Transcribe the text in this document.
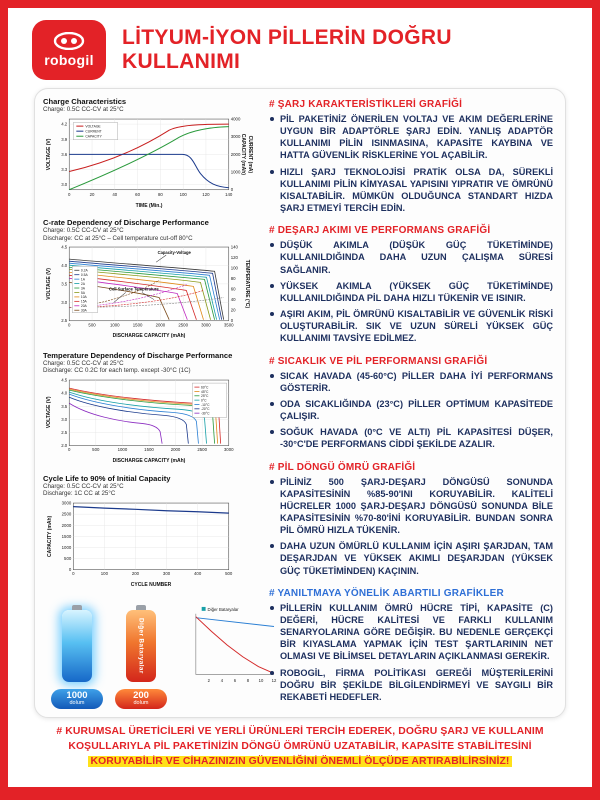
robogil
LİTYUM-İYON PİLLERİN DOĞRU KULLANIMI
Charge Characteristics
Charge: 0.5C CC-CV at 25°C
VOLTAGE
CURRENT
CAPACITY
4.2
3.9
3.6
3.3
3.0
4000
3000
2000
1000
0
0	20	40	60	80	100	120	140
VOLTAGE (V)	CAPACITY (mAh) CURRENT (mA)
TIME (Min.)
C-rate Dependency of Discharge Performance
Charge: 0.5C CC-CV at 25°C
Discharge: CC at 25°C – Cell temperature cut-off 80°C
0.2A
0.5A
1A
2A
3A
5A
10A
15A
20A
30A
Capacity-Voltage
Cell Surface Temperature
4.5
4.0
3.5
3.0
2.5
140
120
100
80
60
40
20
0
0	500	1000	1500	2000	2500	3000	3500
VOLTAGE (V)	TEMPERATURE (°C)
DISCHARGE CAPACITY (mAh)
Temperature Dependency of Discharge Performance
Charge: 0.5C CC-CV at 25°C
Discharge: CC 0.2C for each temp. except -30°C (1C)
60°C
45°C
25°C
0°C
-10°C
-20°C
-30°C
4.5
4.0
3.5
3.0
2.5
2.0
0	500	1000	1500	2000	2500	3000
VOLTAGE (V)
DISCHARGE CAPACITY (mAh)
Cycle Life to 90% of Initial Capacity
Charge: 0.5C CC-CV at 25°C
Discharge: 1C CC at 25°C
3000
2500
2000
1500
1000
500
0
0	100	200	300	400	500
CAPACITY (mAh)
CYCLE NUMBER
1000
dolum
Diğer Bataryalar
200
dolum
Diğer Bataryalar
2	4 6 8 10 12
# ŞARJ KARAKTERİSTİKLERİ GRAFİĞİ
PİL PAKETİNİZ ÖNERİLEN VOLTAJ VE AKIM DEĞERLERİNE UYGUN BİR ADAPTÖRLE ŞARJ EDİN. YANLIŞ ADAPTÖR KULLANIMI PİLİN ISINMASINA, KAPASİTE KAYBINA VE HATTA GÜVENLİK RİSKLERİNE YOL AÇABİLİR.
HIZLI ŞARJ TEKNOLOJİSİ PRATİK OLSA DA, SÜREKLİ KULLANIMI PİLİN KİMYASAL YAPISINI YIPRATIR VE ÖMRÜNÜ KISALTABİLİR. MÜMKÜN OLDUĞUNCA STANDART HIZDA ŞARJ ETMEYİ TERCİH EDİN.
# DEŞARJ AKIMI VE PERFORMANS GRAFİĞİ
DÜŞÜK AKIMLA (DÜŞÜK GÜÇ TÜKETİMİNDE) KULLANILDIĞINDA DAHA UZUN ÇALIŞMA SÜRESİ SAĞLANIR.
YÜKSEK AKIMLA (YÜKSEK GÜÇ TÜKETİMİNDE) KULLANILDIĞINDA PİL DAHA HIZLI TÜKENİR VE ISINIR.
AŞIRI AKIM, PİL ÖMRÜNÜ KISALTABİLİR VE GÜVENLİK RİSKİ OLUŞTURABİLİR. SIK VE UZUN SÜRELİ YÜKSEK GÜÇ KULLANIMI TAVSİYE EDİLMEZ.
# SICAKLIK VE PİL PERFORMANSI GRAFİĞİ
SICAK HAVADA (45-60°C) PİLLER DAHA İYİ PERFORMANS GÖSTERİR.
ODA SICAKLIĞINDA (23°C) PİLLER OPTİMUM KAPASİTEDE ÇALIŞIR.
SOĞUK HAVADA (0°C VE ALTI) PİL KAPASİTESİ DÜŞER, -30°C'DE PERFORMANS CİDDİ ŞEKİLDE AZALIR.
# PİL DÖNGÜ ÖMRÜ GRAFİĞİ
PİLİNİZ 500 ŞARJ-DEŞARJ DÖNGÜSÜ SONUNDA KAPASİTESİNİN %85-90'INI KORUYABİLİR. KALİTELİ HÜCRELER 1000 ŞARJ-DEŞARJ DÖNGÜSÜ SONUNDA BİLE KAPASİTESİNİN %70-80'İNİ KORUYABİLİR. BUNDAN SONRA PİL ÖMRÜ HIZLA TÜKENİR.
DAHA UZUN ÖMÜRLÜ KULLANIM İÇİN AŞIRI ŞARJDAN, TAM DEŞARJDAN VE YÜKSEK AKIMLI DEŞARJDAN (YÜKSEK GÜÇ TÜKETİMİNDEN) KAÇININ.
# YANILTMAYA YÖNELİK ABARTILI GRAFİKLER
PİLLERİN KULLANIM ÖMRÜ HÜCRE TİPİ, KAPASİTE (C) DEĞERİ, HÜCRE KALİTESİ VE FARKLI KULLANIM SENARYOLARINA GÖRE DEĞİŞİR. BU NEDENLE GERÇEKÇİ BİR KIYASLAMA YAPMAK İÇİN TEST ŞARTLARININ NET OLMASI VE BİLİMSEL DETAYLARIN AÇIKLANMASI GEREKİR.
ROBOGİL, FİRMA POLİTİKASI GEREĞİ MÜŞTERİLERİNİ DOĞRU BİR ŞEKİLDE BİLGİLENDİRMEYİ VE SAYGILI BİR REKABETİ HEDEFLER.
# KURUMSAL ÜRETİCİLERİ VE YERLİ ÜRÜNLERİ TERCİH EDEREK, DOĞRU ŞARJ VE KULLANIM
KOŞULLARIYLA PİL PAKETİNİZİN DÖNGÜ ÖMRÜNÜ UZATABİLİR, KAPASİTE STABİLİTESİNİ
KORUYABİLİR VE CİHAZINIZIN GÜVENLİĞİNİ ÖNEMLİ ÖLÇÜDE ARTIRABİLİRSİNİZ!
